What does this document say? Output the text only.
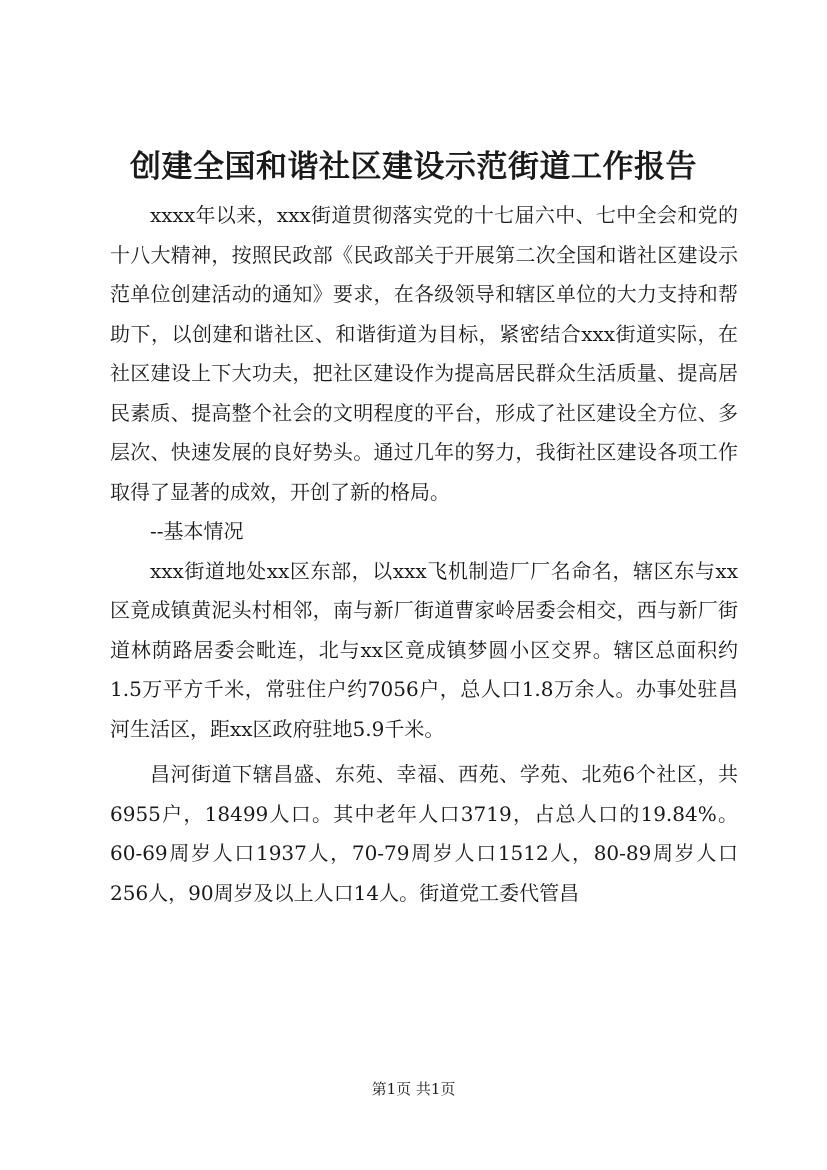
创建全国和谐社区建设示范街道工作报告

xxxx年以来，xxx街道贯彻落实党的十七届六中、七中全会和党的十八大精神，按照民政部《民政部关于开展第二次全国和谐社区建设示范单位创建活动的通知》要求，在各级领导和辖区单位的大力支持和帮助下，以创建和谐社区、和谐街道为目标，紧密结合xxx街道实际，在社区建设上下大功夫，把社区建设作为提高居民群众生活质量、提高居民素质、提高整个社会的文明程度的平台，形成了社区建设全方位、多层次、快速发展的良好势头。通过几年的努力，我街社区建设各项工作取得了显著的成效，开创了新的格局。

--基本情况

xxx街道地处xx区东部，以xxx飞机制造厂厂名命名，辖区东与xx区竟成镇黄泥头村相邻，南与新厂街道曹家岭居委会相交，西与新厂街道林荫路居委会毗连，北与xx区竟成镇梦圆小区交界。辖区总面积约1.5万平方千米，常驻住户约7056户，总人口1.8万余人。办事处驻昌河生活区，距xx区政府驻地5.9千米。

昌河街道下辖昌盛、东苑、幸福、西苑、学苑、北苑6个社区，共6955户，18499人口。其中老年人口3719，占总人口的19.84%。60-69周岁人口1937人，70-79周岁人口1512人，80-89周岁人口256人，90周岁及以上人口14人。街道党工委代管昌

第1页 共1页
